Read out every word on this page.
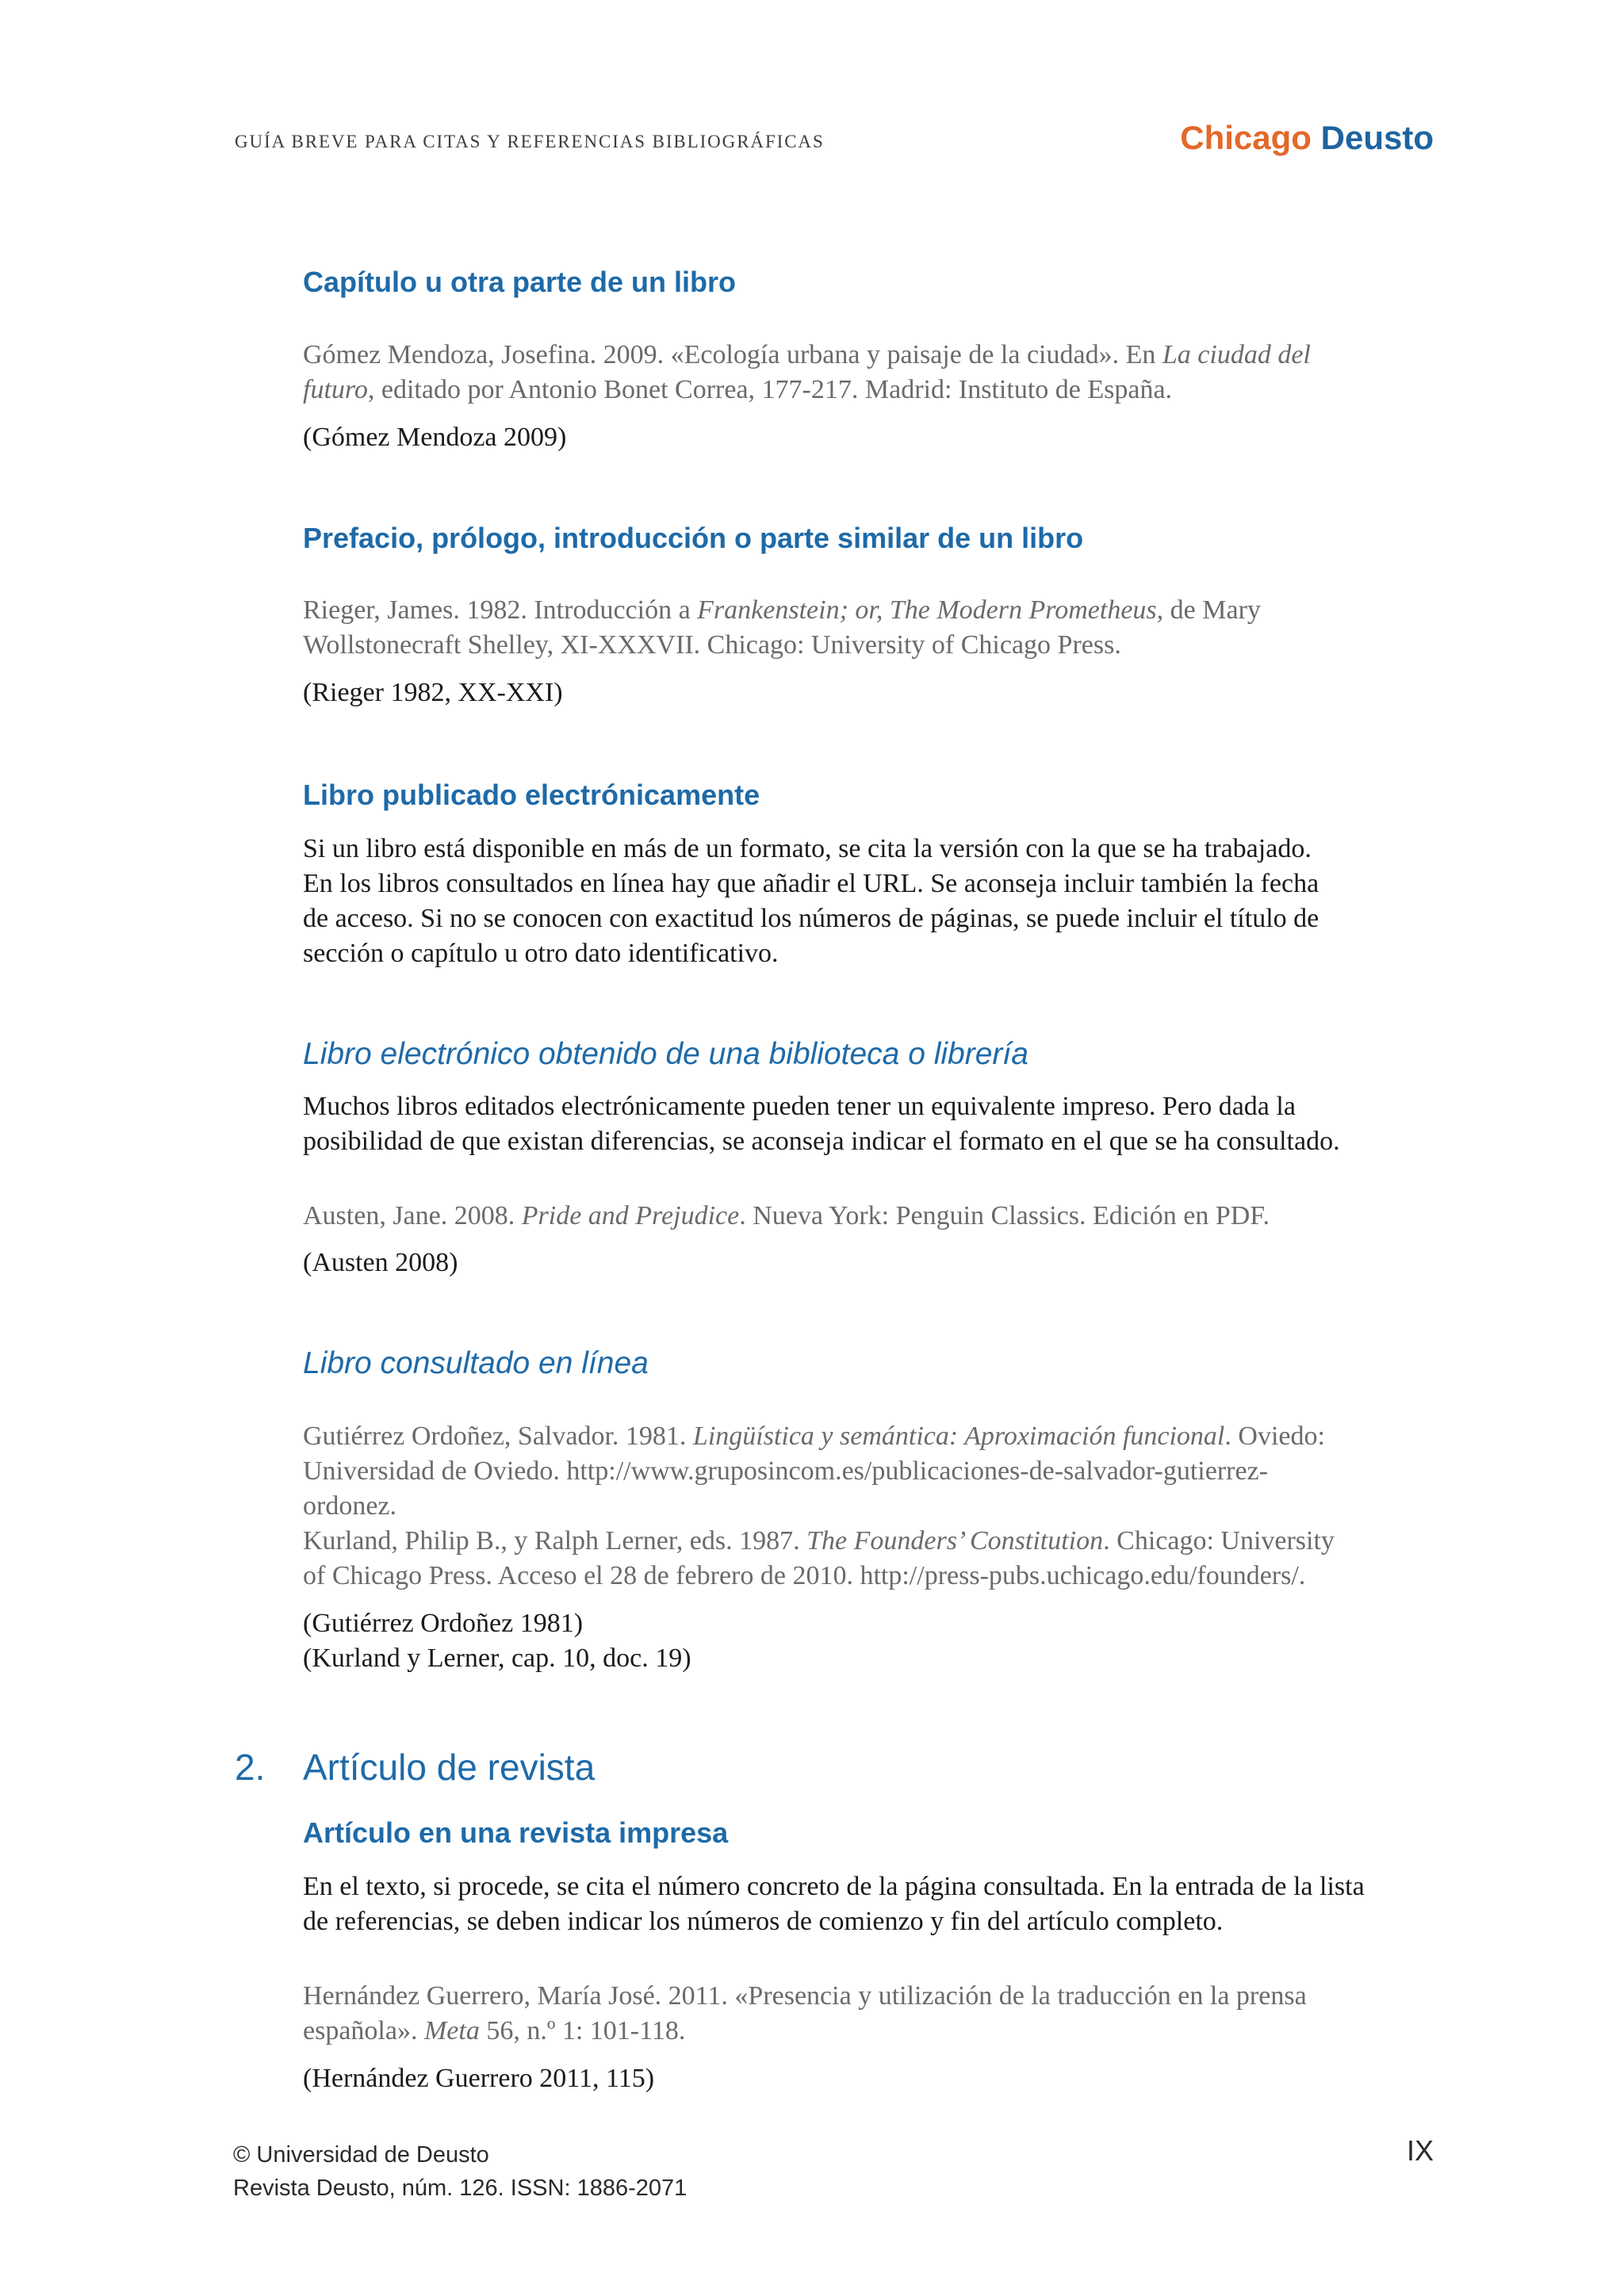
GUÍA BREVE PARA CITAS Y REFERENCIAS BIBLIOGRÁFICAS	Chicago Deusto
Capítulo u otra parte de un libro
Gómez Mendoza, Josefina. 2009. «Ecología urbana y paisaje de la ciudad». En La ciudad del
futuro, editado por Antonio Bonet Correa, 177-217. Madrid: Instituto de España.
(Gómez Mendoza 2009)
Prefacio, prólogo, introducción o parte similar de un libro
Rieger, James. 1982. Introducción a Frankenstein; or, The Modern Prometheus, de Mary
Wollstonecraft Shelley, XI-XXXVII. Chicago: University of Chicago Press.
(Rieger 1982, XX-XXI)
Libro publicado electrónicamente
Si un libro está disponible en más de un formato, se cita la versión con la que se ha trabajado.
En los libros consultados en línea hay que añadir el URL. Se aconseja incluir también la fecha
de acceso. Si no se conocen con exactitud los números de páginas, se puede incluir el título de
sección o capítulo u otro dato identificativo.
Libro electrónico obtenido de una biblioteca o librería
Muchos libros editados electrónicamente pueden tener un equivalente impreso. Pero dada la
posibilidad de que existan diferencias, se aconseja indicar el formato en el que se ha consultado.
Austen, Jane. 2008. Pride and Prejudice. Nueva York: Penguin Classics. Edición en PDF.
(Austen 2008)
Libro consultado en línea
Gutiérrez Ordoñez, Salvador. 1981. Lingüística y semántica: Aproximación funcional. Oviedo:
Universidad de Oviedo. http://www.gruposincom.es/publicaciones-de-salvador-gutierrez-
ordonez.
Kurland, Philip B., y Ralph Lerner, eds. 1987. The Founders’ Constitution. Chicago: University
of Chicago Press. Acceso el 28 de febrero de 2010. http://press-pubs.uchicago.edu/founders/.
(Gutiérrez Ordoñez 1981)
(Kurland y Lerner, cap. 10, doc. 19)
2. Artículo de revista
Artículo en una revista impresa
En el texto, si procede, se cita el número concreto de la página consultada. En la entrada de la lista
de referencias, se deben indicar los números de comienzo y fin del artículo completo.
Hernández Guerrero, María José. 2011. «Presencia y utilización de la traducción en la prensa
española». Meta 56, n.º 1: 101-118.
(Hernández Guerrero 2011, 115)
© Universidad de Deusto
Revista Deusto, núm. 126. ISSN: 1886-2071
IX
